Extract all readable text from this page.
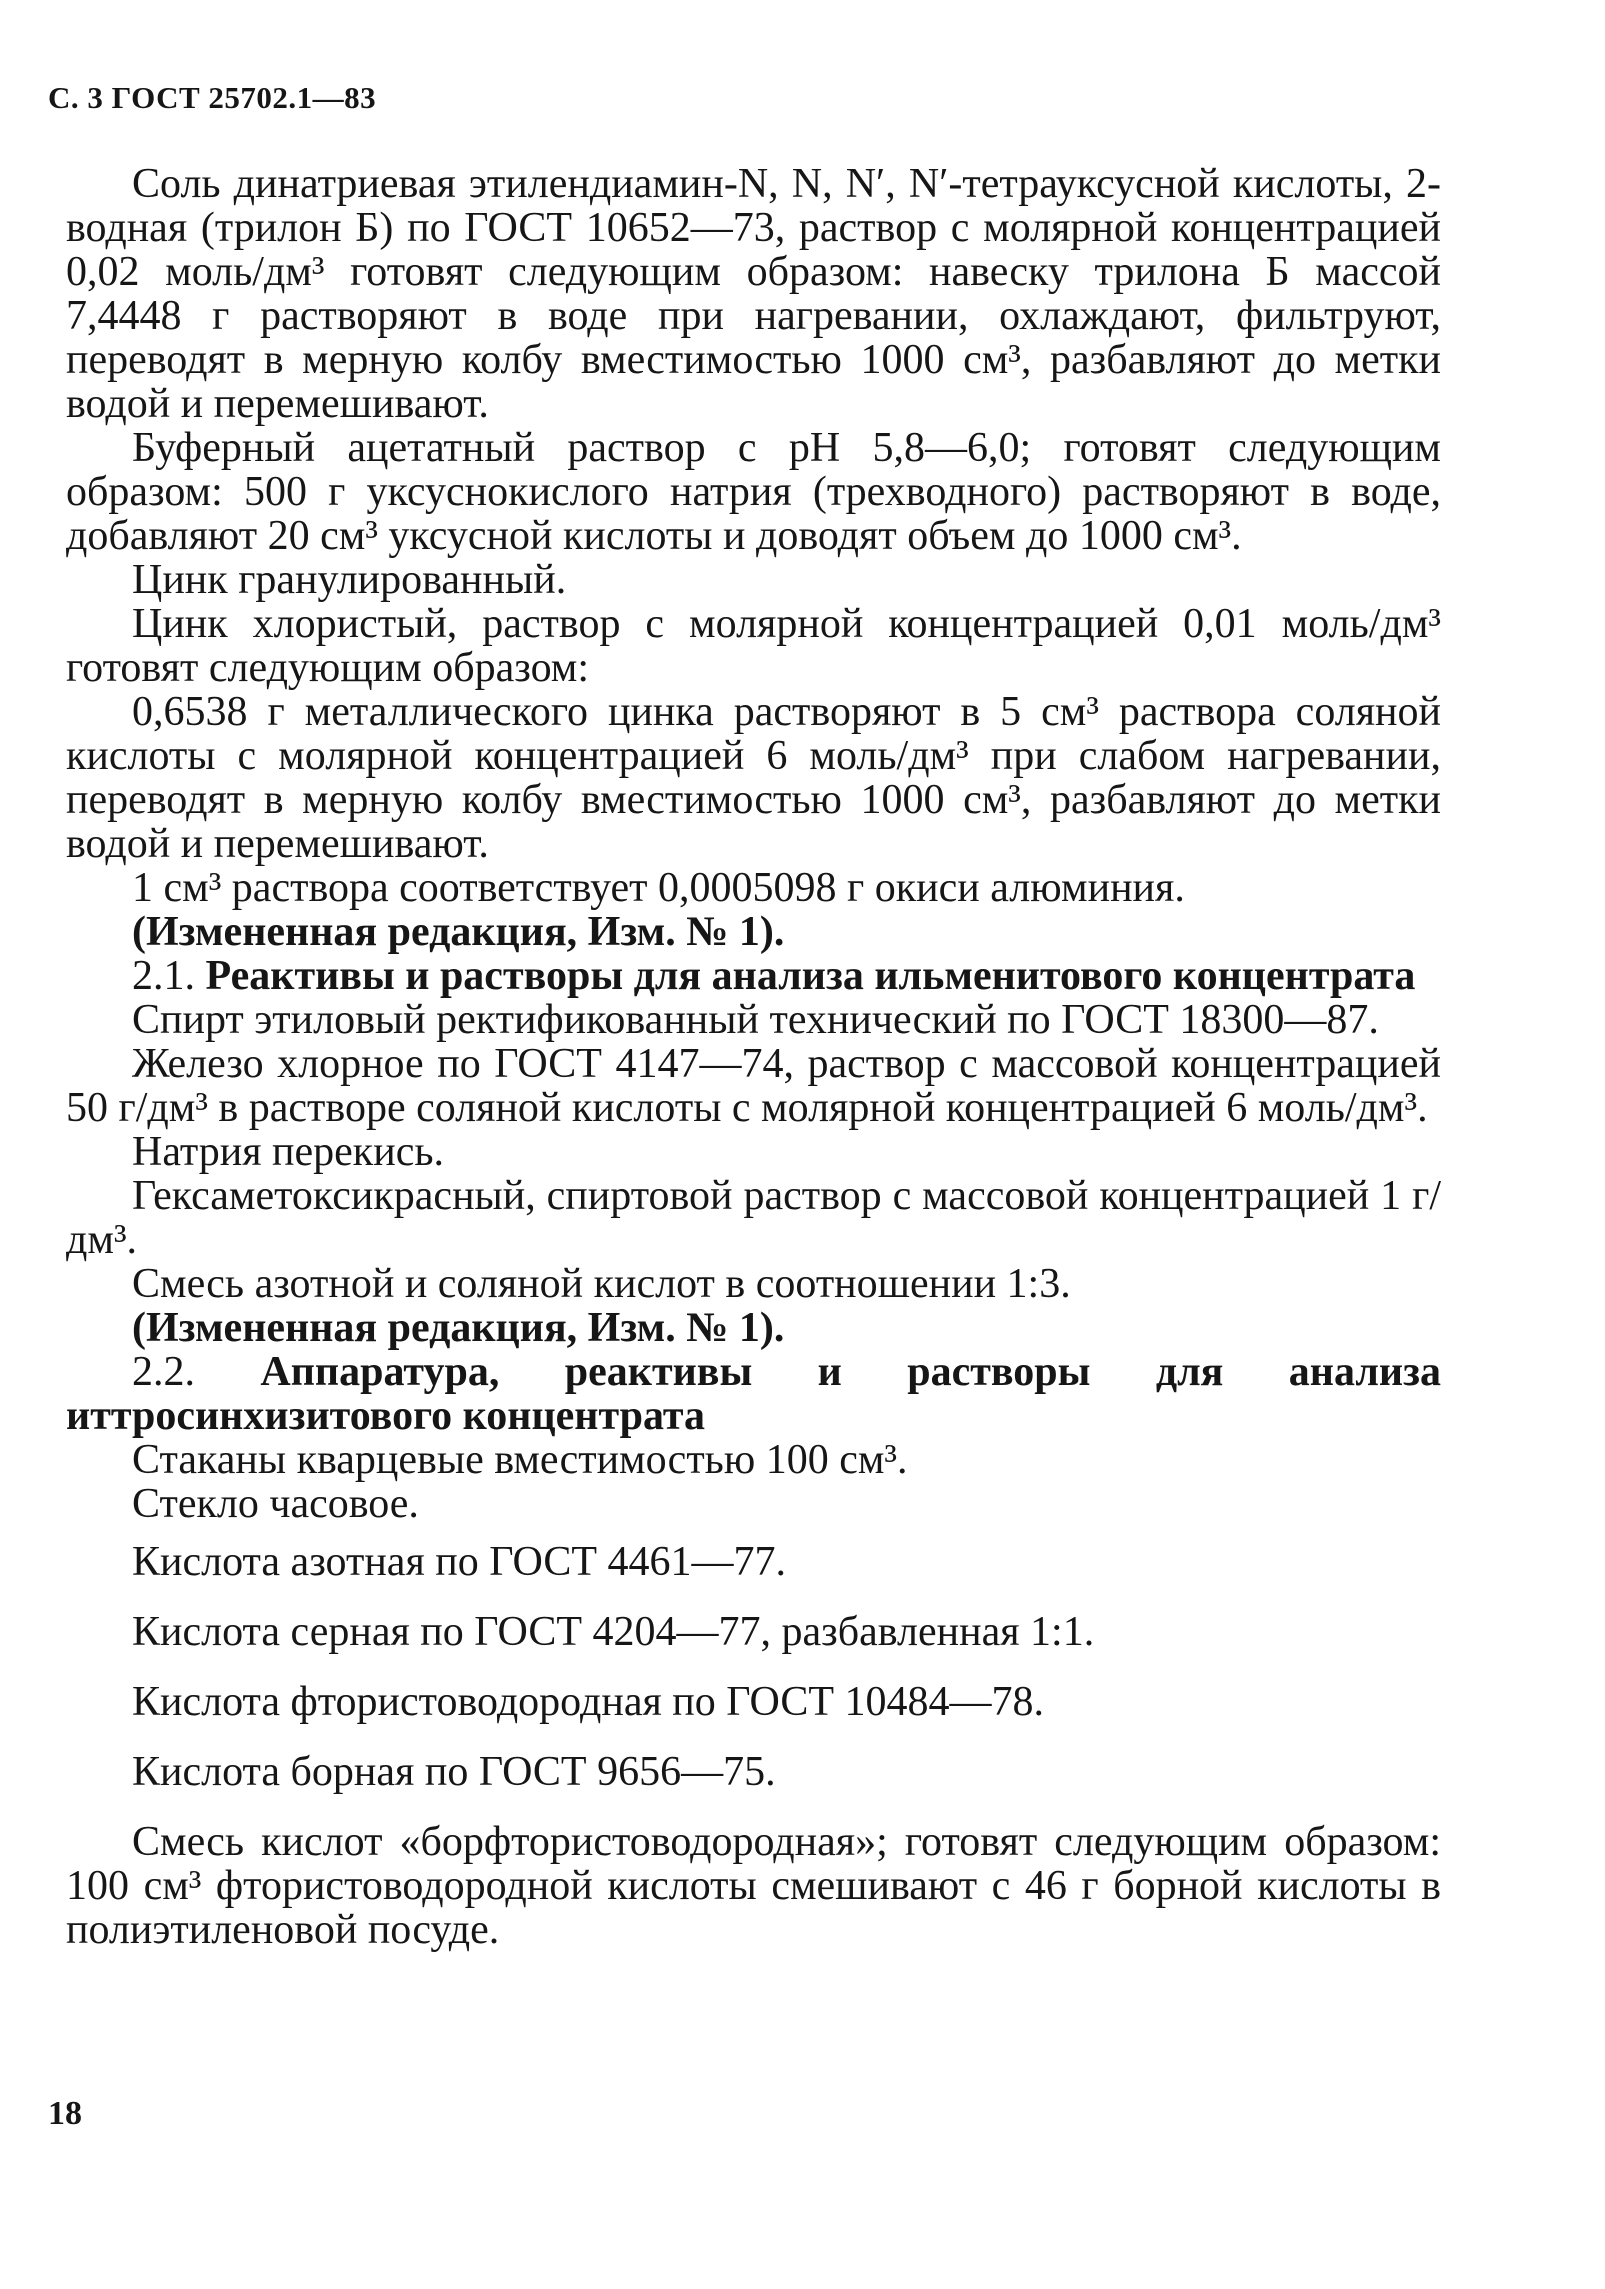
С. 3 ГОСТ 25702.1—83

Соль динатриевая этилендиамин-N, N, N′, N′-тетрауксусной кислоты, 2-водная (трилон Б) по ГОСТ 10652—73, раствор с молярной концентрацией 0,02 моль/дм³ готовят следующим образом: навеску трилона Б массой 7,4448 г растворяют в воде при нагревании, охлаждают, фильтруют, переводят в мерную колбу вместимостью 1000 см³, разбавляют до метки водой и перемешивают.

Буферный ацетатный раствор с pH 5,8—6,0; готовят следующим образом: 500 г уксуснокислого натрия (трехводного) растворяют в воде, добавляют 20 см³ уксусной кислоты и доводят объем до 1000 см³.

Цинк гранулированный.

Цинк хлористый, раствор с молярной концентрацией 0,01 моль/дм³ готовят следующим образом:

0,6538 г металлического цинка растворяют в 5 см³ раствора соляной кислоты с молярной концентрацией 6 моль/дм³ при слабом нагревании, переводят в мерную колбу вместимостью 1000 см³, разбавляют до метки водой и перемешивают.

1 см³ раствора соответствует 0,0005098 г окиси алюминия.

(Измененная редакция, Изм. № 1).

2.1. Реактивы и растворы для анализа ильменитового концентрата

Спирт этиловый ректификованный технический по ГОСТ 18300—87.

Железо хлорное по ГОСТ 4147—74, раствор с массовой концентрацией 50 г/дм³ в растворе соляной кислоты с молярной концентрацией 6 моль/дм³.

Натрия перекись.

Гексаметоксикрасный, спиртовой раствор с массовой концентрацией 1 г/дм³.

Смесь азотной и соляной кислот в соотношении 1:3.

(Измененная редакция, Изм. № 1).

2.2. Аппаратура, реактивы и растворы для анализа иттросинхизитового концентрата

Стаканы кварцевые вместимостью 100 см³.

Стекло часовое.

Кислота азотная по ГОСТ 4461—77.

Кислота серная по ГОСТ 4204—77, разбавленная 1:1.

Кислота фтористоводородная по ГОСТ 10484—78.

Кислота борная по ГОСТ 9656—75.

Смесь кислот «борфтористоводородная»; готовят следующим образом: 100 см³ фтористоводородной кислоты смешивают с 46 г борной кислоты в полиэтиленовой посуде.

18
